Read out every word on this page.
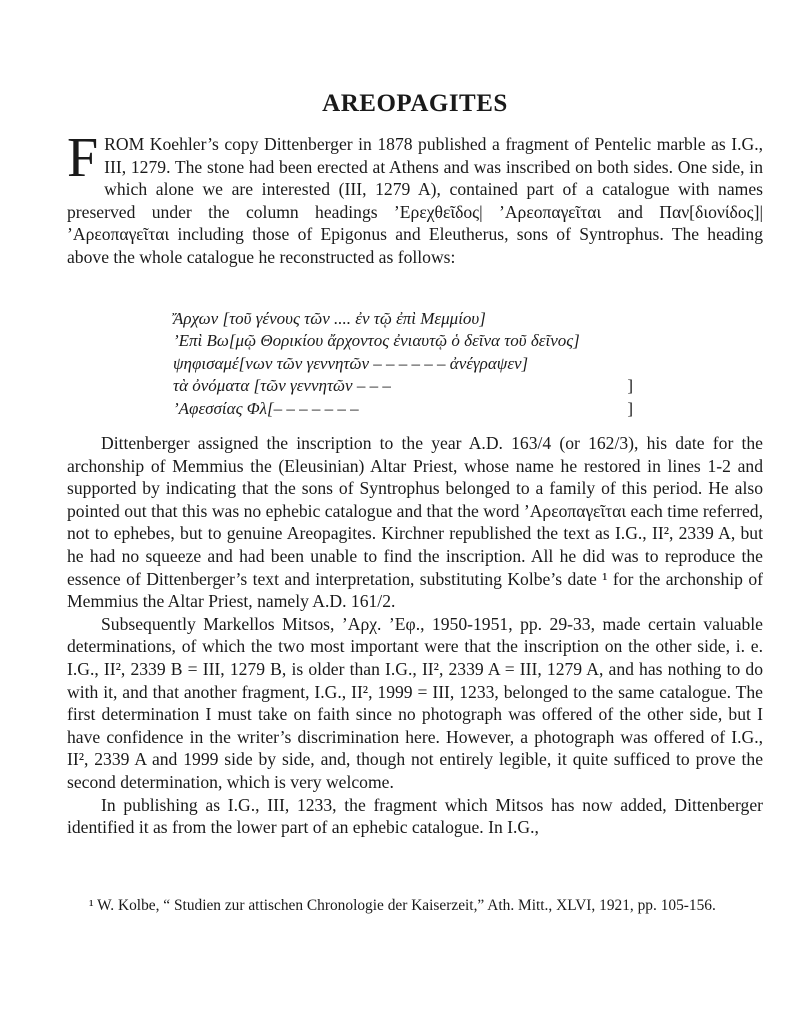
AREOPAGITES

FROM Koehler’s copy Dittenberger in 1878 published a fragment of Pentelic marble as I.G., III, 1279. The stone had been erected at Athens and was inscribed on both sides. One side, in which alone we are interested (III, 1279 A), contained part of a catalogue with names preserved under the column headings ’Ερεχθεῖδος| ’Αρεοπαγεῖται and Παν[διονίδος]| ’Αρεοπαγεῖται including those of Epigonus and Eleutherus, sons of Syntrophus. The heading above the whole catalogue he reconstructed as follows:

Ἄρχων [τοῦ γένους τῶν .... ἐν τῷ ἐπὶ Μεμμίου]
’Επὶ Βω[μῷ Θορικίου ἄρχοντος ἐνιαυτῷ ὁ δεῖνα τοῦ δεῖνος]
ψηφισαμέ[νων τῶν γεννητῶν – – – – – – ἀνέγραψεν]
τὰ ὀνόματα [τῶν γεννητῶν – – –	]
’Αφεσσίας Φλ[– – – – – – –	]

Dittenberger assigned the inscription to the year A.D. 163/4 (or 162/3), his date for the archonship of Memmius the (Eleusinian) Altar Priest, whose name he restored in lines 1-2 and supported by indicating that the sons of Syntrophus belonged to a family of this period. He also pointed out that this was no ephebic catalogue and that the word ’Αρεοπαγεῖται each time referred, not to ephebes, but to genuine Areopagites. Kirchner republished the text as I.G., II², 2339 A, but he had no squeeze and had been unable to find the inscription. All he did was to reproduce the essence of Dittenberger’s text and interpretation, substituting Kolbe’s date ¹ for the archonship of Memmius the Altar Priest, namely A.D. 161/2.

Subsequently Markellos Mitsos, ’Αρχ. ’Εφ., 1950-1951, pp. 29-33, made certain valuable determinations, of which the two most important were that the inscription on the other side, i. e. I.G., II², 2339 B = III, 1279 B, is older than I.G., II², 2339 A = III, 1279 A, and has nothing to do with it, and that another fragment, I.G., II², 1999 = III, 1233, belonged to the same catalogue. The first determination I must take on faith since no photograph was offered of the other side, but I have confidence in the writer’s discrimination here. However, a photograph was offered of I.G., II², 2339 A and 1999 side by side, and, though not entirely legible, it quite sufficed to prove the second determination, which is very welcome.

In publishing as I.G., III, 1233, the fragment which Mitsos has now added, Dittenberger identified it as from the lower part of an ephebic catalogue. In I.G.,

¹ W. Kolbe, “ Studien zur attischen Chronologie der Kaiserzeit,” Ath. Mitt., XLVI, 1921, pp. 105-156.
